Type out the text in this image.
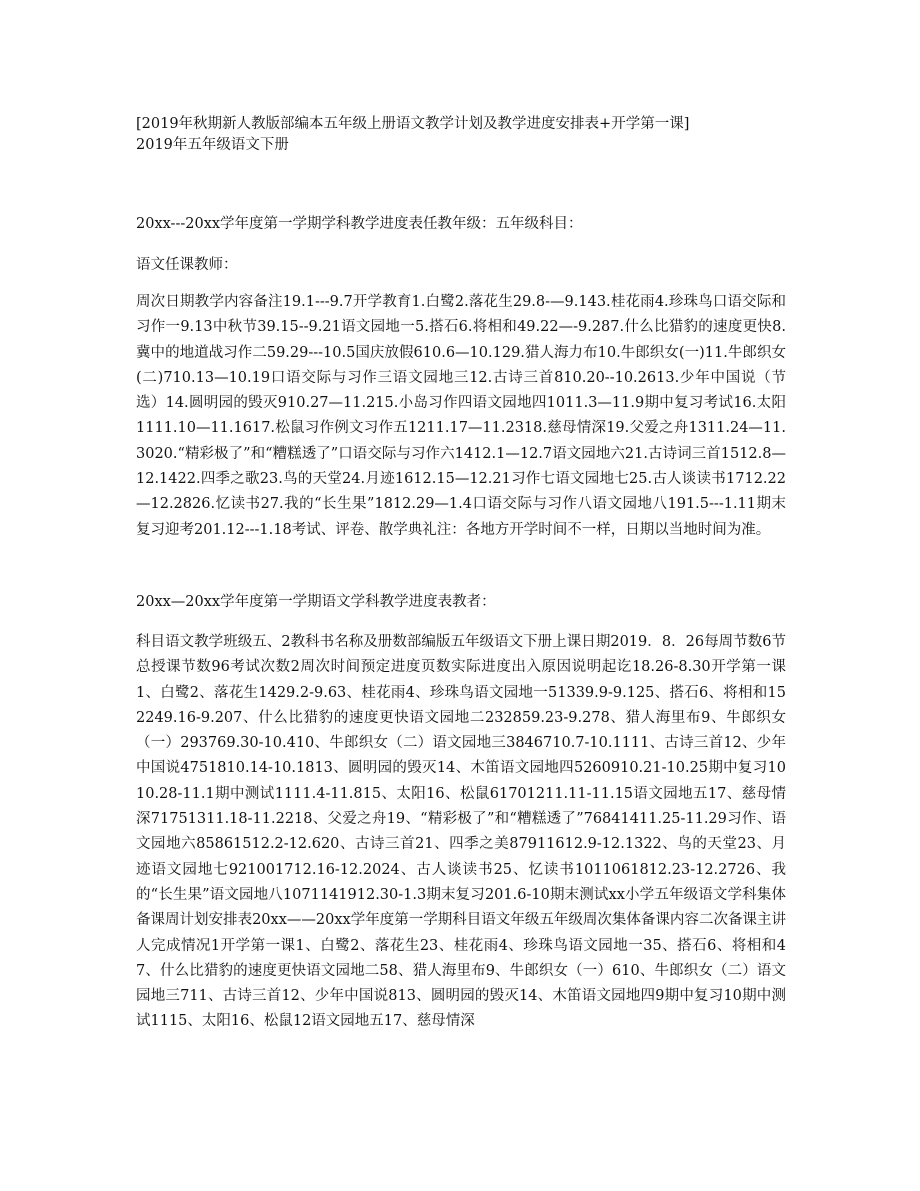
[2019年秋期新人教版部编本五年级上册语文教学计划及教学进度安排表+开学第一课]
2019年五年级语文下册

20xx---20xx学年度第一学期学科教学进度表任教年级：五年级科目：

语文任课教师：

周次日期教学内容备注19.1---9.7开学教育1.白鹭2.落花生29.8-—9.143.桂花雨4.珍珠鸟口语交际和习作一9.13中秋节39.15--9.21语文园地一5.搭石6.将相和49.22—-9.287.什么比猎豹的速度更快8.冀中的地道战习作二59.29---10.5国庆放假610.6—10.129.猎人海力布10.牛郎织女(一)11.牛郎织女(二)710.13—10.19口语交际与习作三语文园地三12.古诗三首810.20--10.2613.少年中国说（节选）14.圆明园的毁灭910.27—11.215.小岛习作四语文园地四1011.3—11.9期中复习考试16.太阳1111.10—11.1617.松鼠习作例文习作五1211.17—11.2318.慈母情深19.父爱之舟1311.24—11.3020.“精彩极了”和“糟糕透了”口语交际与习作六1412.1—12.7语文园地六21.古诗词三首1512.8—12.1422.四季之歌23.鸟的天堂24.月迹1612.15—12.21习作七语文园地七25.古人谈读书1712.22—12.2826.忆读书27.我的“长生果”1812.29—1.4口语交际与习作八语文园地八191.5---1.11期末复习迎考201.12---1.18考试、评卷、散学典礼注：各地方开学时间不一样，日期以当地时间为准。

20xx—20xx学年度第一学期语文学科教学进度表教者：

科目语文教学班级五、2教科书名称及册数部编版五年级语文下册上课日期2019．8．26每周节数6节总授课节数96考试次数2周次时间预定进度页数实际进度出入原因说明起讫18.26-8.30开学第一课1、白鹭2、落花生1429.2-9.63、桂花雨4、珍珠鸟语文园地一51339.9-9.125、搭石6、将相和152249.16-9.207、什么比猎豹的速度更快语文园地二232859.23-9.278、猎人海里布9、牛郎织女（一）293769.30-10.410、牛郎织女（二）语文园地三3846710.7-10.1111、古诗三首12、少年中国说4751810.14-10.1813、圆明园的毁灭14、木笛语文园地四5260910.21-10.25期中复习1010.28-11.1期中测试1111.4-11.815、太阳16、松鼠61701211.11-11.15语文园地五17、慈母情深71751311.18-11.2218、父爱之舟19、“精彩极了”和“糟糕透了”76841411.25-11.29习作、语文园地六85861512.2-12.620、古诗三首21、四季之美87911612.9-12.1322、鸟的天堂23、月迹语文园地七921001712.16-12.2024、古人谈读书25、忆读书1011061812.23-12.2726、我的“长生果”语文园地八1071141912.30-1.3期末复习201.6-10期末测试xx小学五年级语文学科集体备课周计划安排表20xx——20xx学年度第一学期科目语文年级五年级周次集体备课内容二次备课主讲人完成情况1开学第一课1、白鹭2、落花生23、桂花雨4、珍珠鸟语文园地一35、搭石6、将相和47、什么比猎豹的速度更快语文园地二58、猎人海里布9、牛郎织女（一）610、牛郎织女（二）语文园地三711、古诗三首12、少年中国说813、圆明园的毁灭14、木笛语文园地四9期中复习10期中测试1115、太阳16、松鼠12语文园地五17、慈母情深
